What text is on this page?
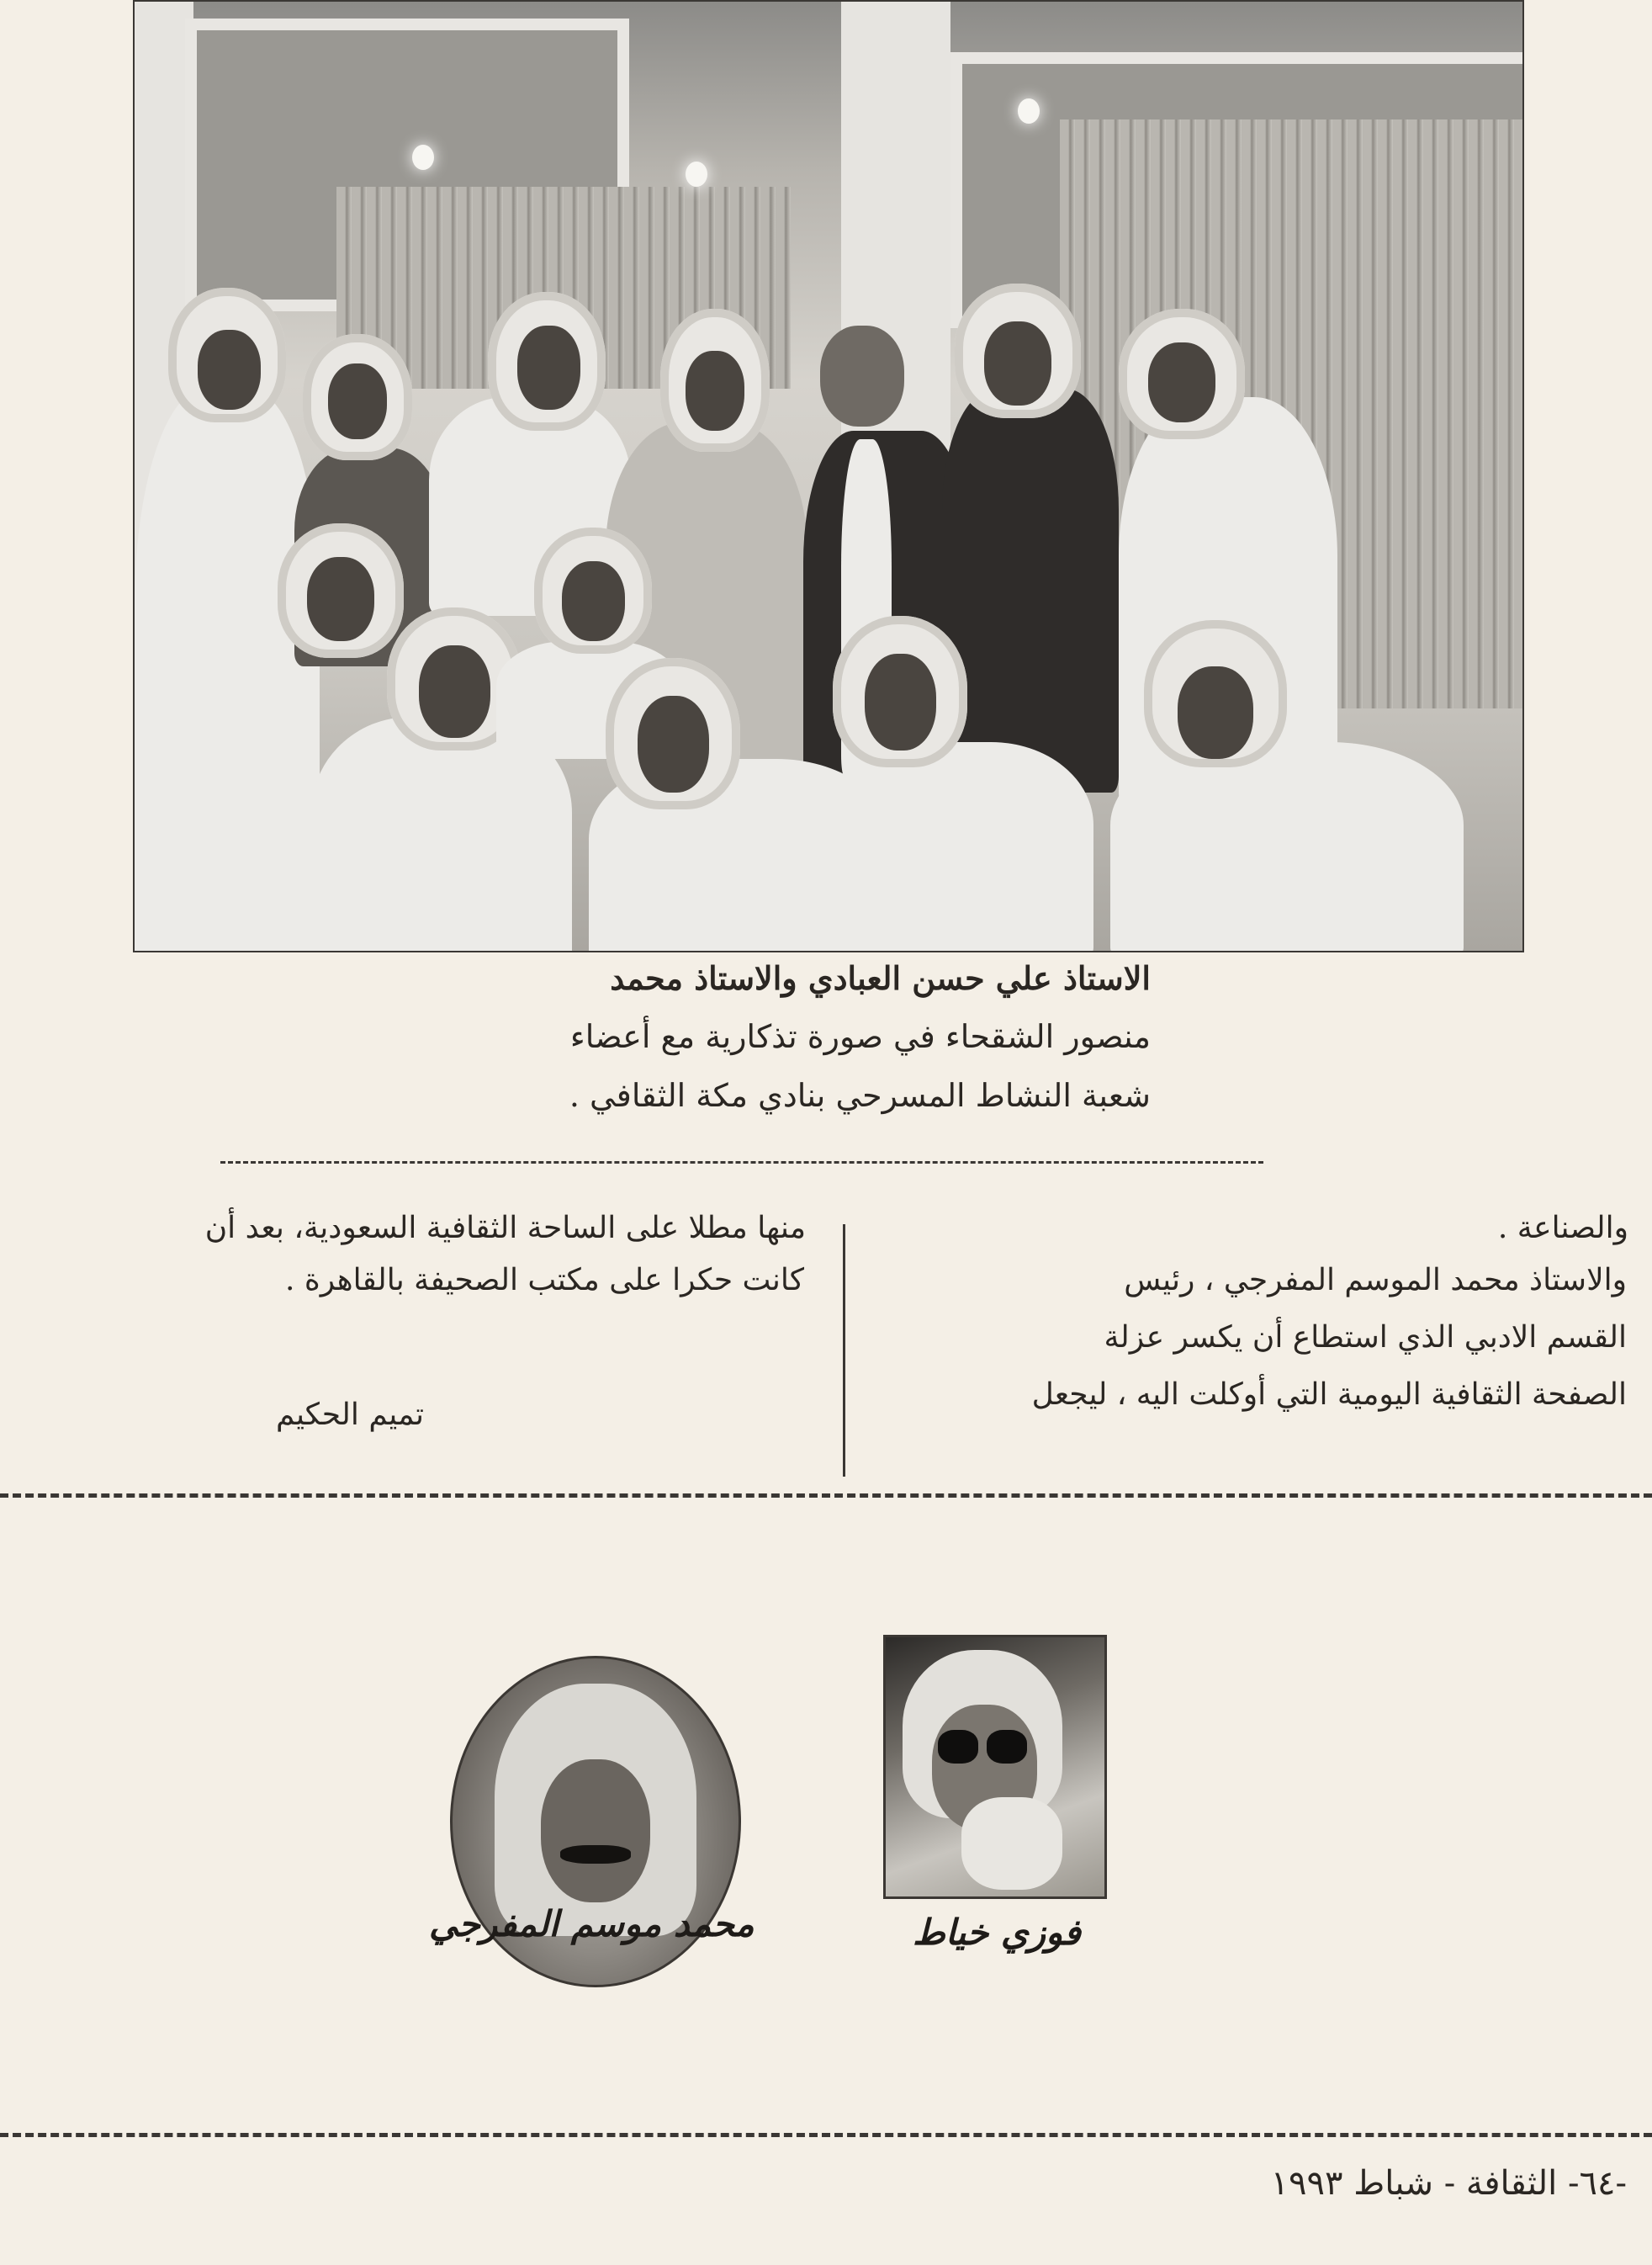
الاستاذ علي حسن العبادي والاستاذ محمد
منصور الشقحاء في صورة تذكارية مع أعضاء
شعبة النشاط المسرحي بنادي مكة الثقافي .
والصناعة .
والاستاذ محمد الموسم المفرجي ، رئيس
القسم الادبي الذي استطاع أن يكسر عزلة
الصفحة الثقافية اليومية التي أوكلت اليه ، ليجعل
منها مطلا على الساحة الثقافية السعودية، بعد أن
كانت حكرا على مكتب الصحيفة بالقاهرة .
تميم الحكيم
محمد موسم المفرجي	فوزي خياط
-٦٤- الثقافة - شباط ١٩٩٣
